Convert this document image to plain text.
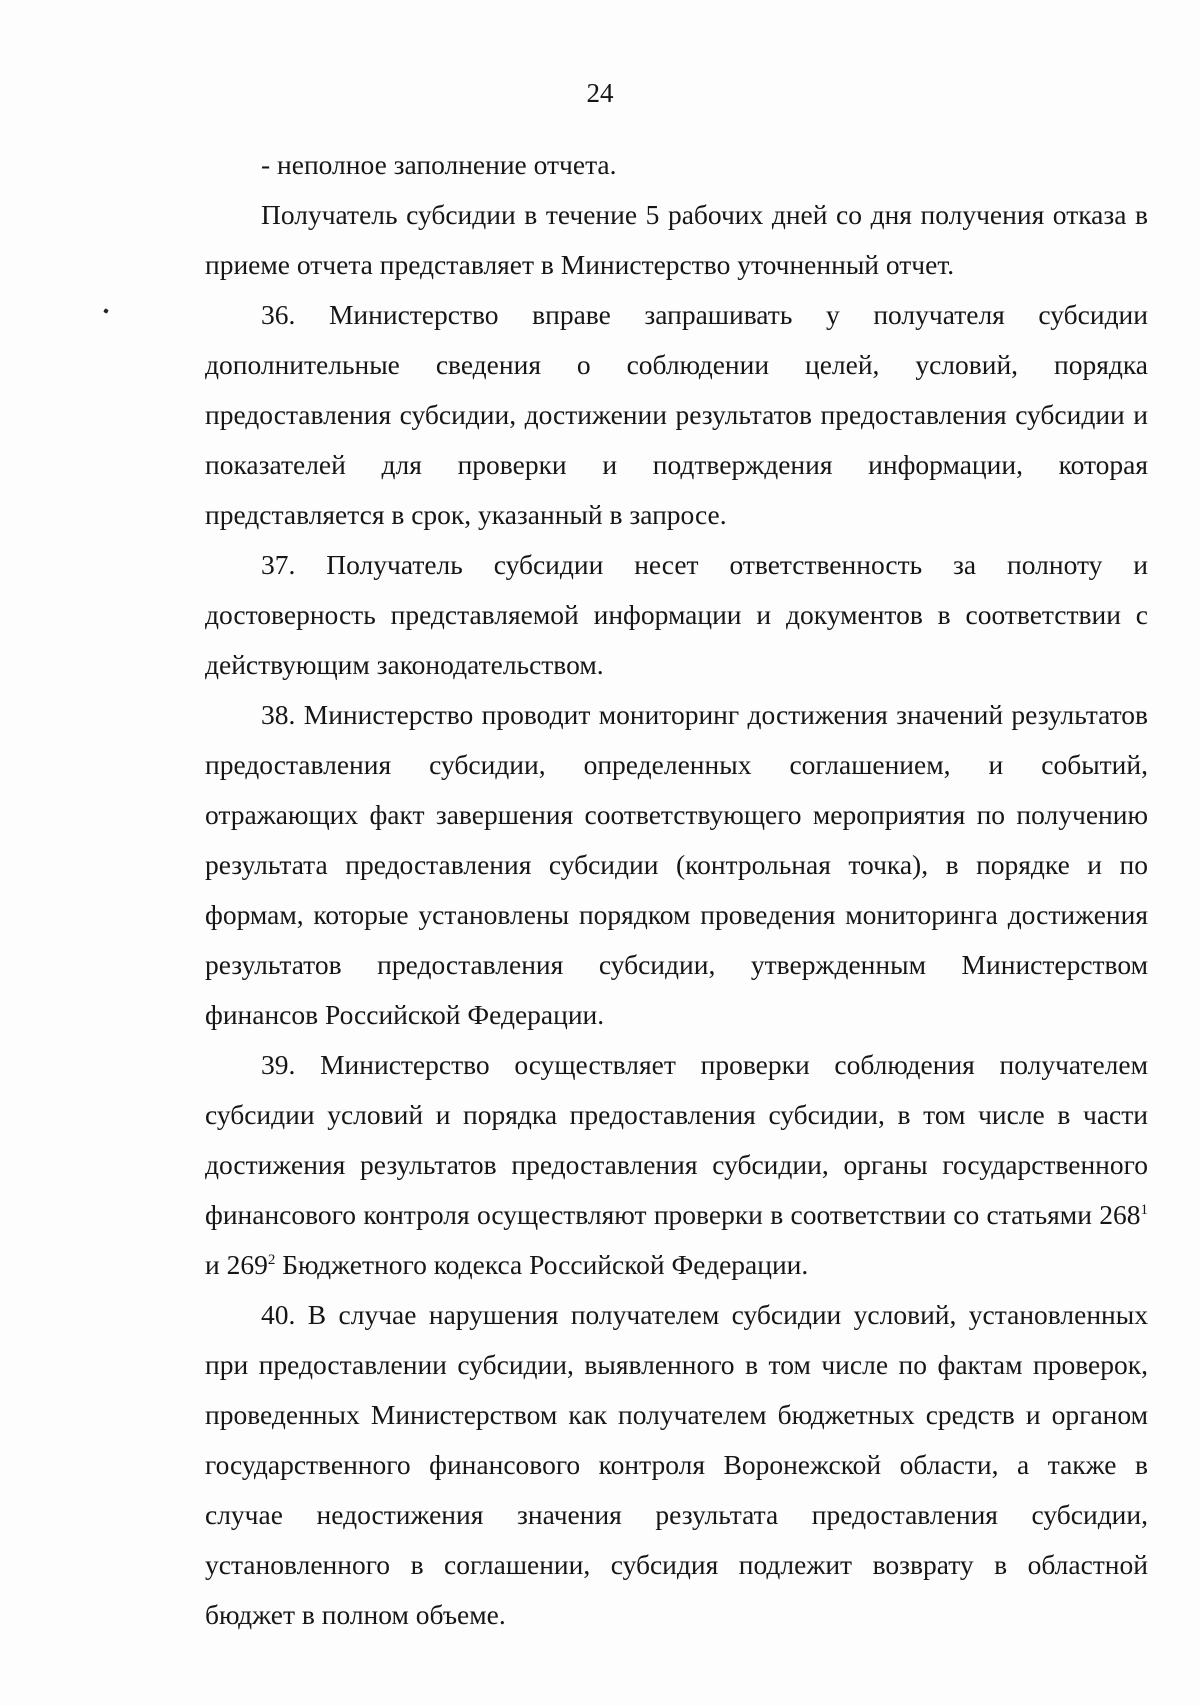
24

- неполное заполнение отчета.

Получатель субсидии в течение 5 рабочих дней со дня получения отказа в приеме отчета представляет в Министерство уточненный отчет.

36. Министерство вправе запрашивать у получателя субсидии дополнительные сведения о соблюдении целей, условий, порядка предоставления субсидии, достижении результатов предоставления субсидии и показателей для проверки и подтверждения информации, которая представляется в срок, указанный в запросе.

37. Получатель субсидии несет ответственность за полноту и достоверность представляемой информации и документов в соответствии с действующим законодательством.

38. Министерство проводит мониторинг достижения значений результатов предоставления субсидии, определенных соглашением, и событий, отражающих факт завершения соответствующего мероприятия по получению результата предоставления субсидии (контрольная точка), в порядке и по формам, которые установлены порядком проведения мониторинга достижения результатов предоставления субсидии, утвержденным Министерством финансов Российской Федерации.

39. Министерство осуществляет проверки соблюдения получателем субсидии условий и порядка предоставления субсидии, в том числе в части достижения результатов предоставления субсидии, органы государственного финансового контроля осуществляют проверки в соответствии со статьями $268^1$ и $269^2$ Бюджетного кодекса Российской Федерации.

40. В случае нарушения получателем субсидии условий, установленных при предоставлении субсидии, выявленного в том числе по фактам проверок, проведенных Министерством как получателем бюджетных средств и органом государственного финансового контроля Воронежской области, а также в случае недостижения значения результата предоставления субсидии, установленного в соглашении, субсидия подлежит возврату в областной бюджет в полном объеме.
